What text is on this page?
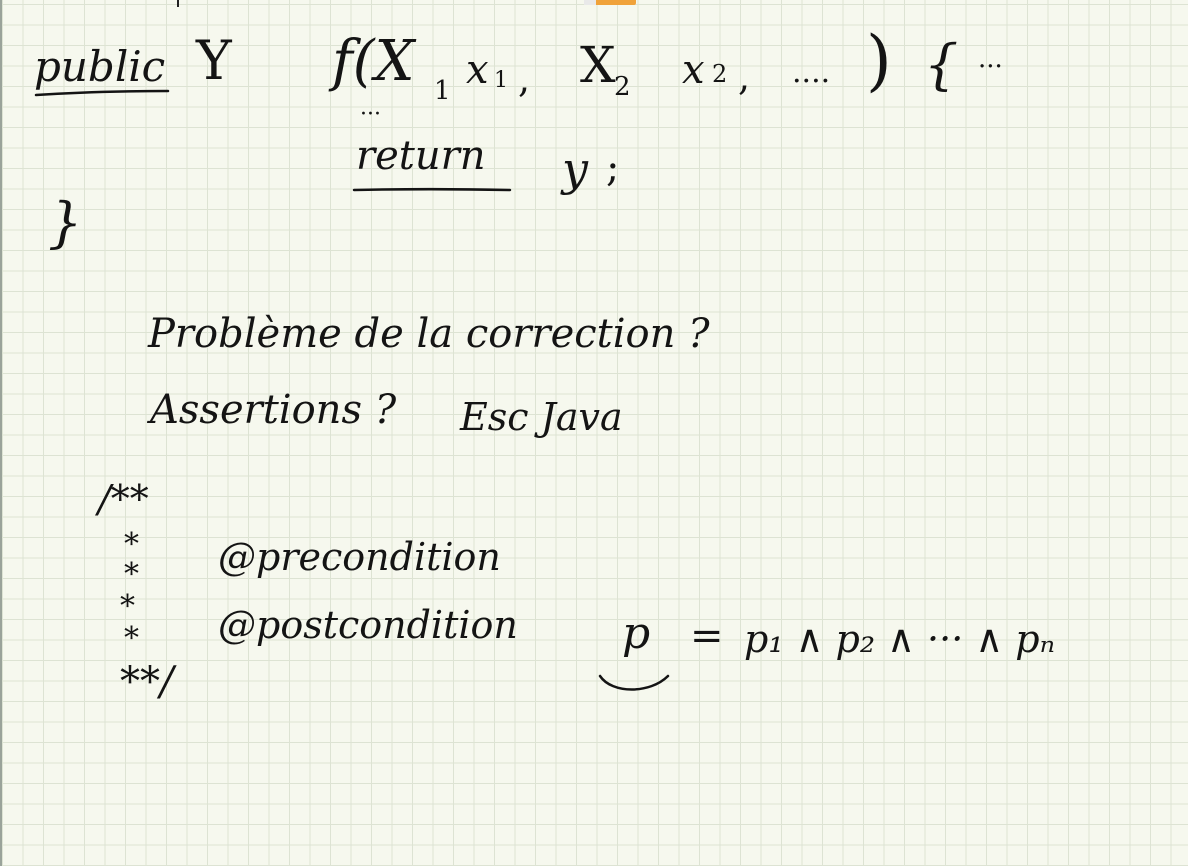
public Y f(X 1 x 1 , X
2 x 2 , .... ) { ···
···
return y ;
}
Problème de la correction ?
Assertions ? Esc Java
/**
*
*
*
*
@precondition
@postcondition
**/
p = p₁ ∧ p₂ ∧ ··· ∧ pₙ
